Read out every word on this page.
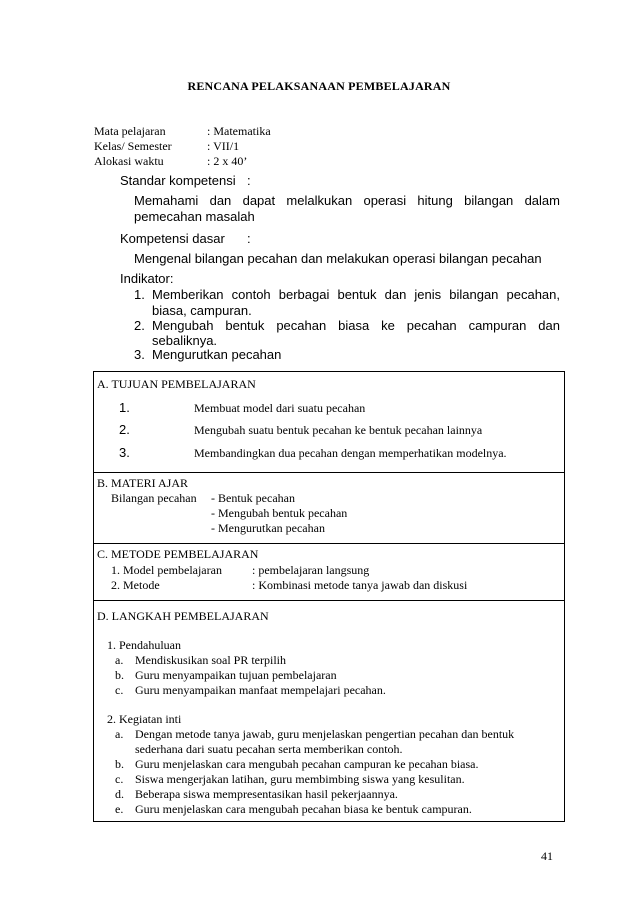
RENCANA PELAKSANAAN PEMBELAJARAN
Mata pelajaran	: Matematika
Kelas/ Semester	: VII/1
Alokasi waktu	: 2 x 40’
Standar kompetensi :
Memahami dan dapat melalkukan operasi hitung bilangan dalam
pemecahan masalah
Kompetensi dasar :
Mengenal bilangan pecahan dan melakukan operasi bilangan pecahan
Indikator:
1. Memberikan contoh berbagai bentuk dan jenis bilangan pecahan,
biasa, campuran.
2. Mengubah bentuk pecahan biasa ke pecahan campuran dan
sebaliknya.
3. Mengurutkan pecahan
A. TUJUAN PEMBELAJARAN
1.	Membuat model dari suatu pecahan
2.	Mengubah suatu bentuk pecahan ke bentuk pecahan lainnya
3.	Membandingkan dua pecahan dengan memperhatikan modelnya.
B. MATERI AJAR
Bilangan pecahan - Bentuk pecahan
- Mengubah bentuk pecahan
- Mengurutkan pecahan
C. METODE PEMBELAJARAN
1. Model pembelajaran	: pembelajaran langsung
2. Metode	: Kombinasi metode tanya jawab dan diskusi
D. LANGKAH PEMBELAJARAN
1. Pendahuluan
a. Mendiskusikan soal PR terpilih
b. Guru menyampaikan tujuan pembelajaran
c. Guru menyampaikan manfaat mempelajari pecahan.
2. Kegiatan inti
a. Dengan metode tanya jawab, guru menjelaskan pengertian pecahan dan bentuk
sederhana dari suatu pecahan serta memberikan contoh.
b. Guru menjelaskan cara mengubah pecahan campuran ke pecahan biasa.
c. Siswa mengerjakan latihan, guru membimbing siswa yang kesulitan.
d. Beberapa siswa mempresentasikan hasil pekerjaannya.
e. Guru menjelaskan cara mengubah pecahan biasa ke bentuk campuran.
41
